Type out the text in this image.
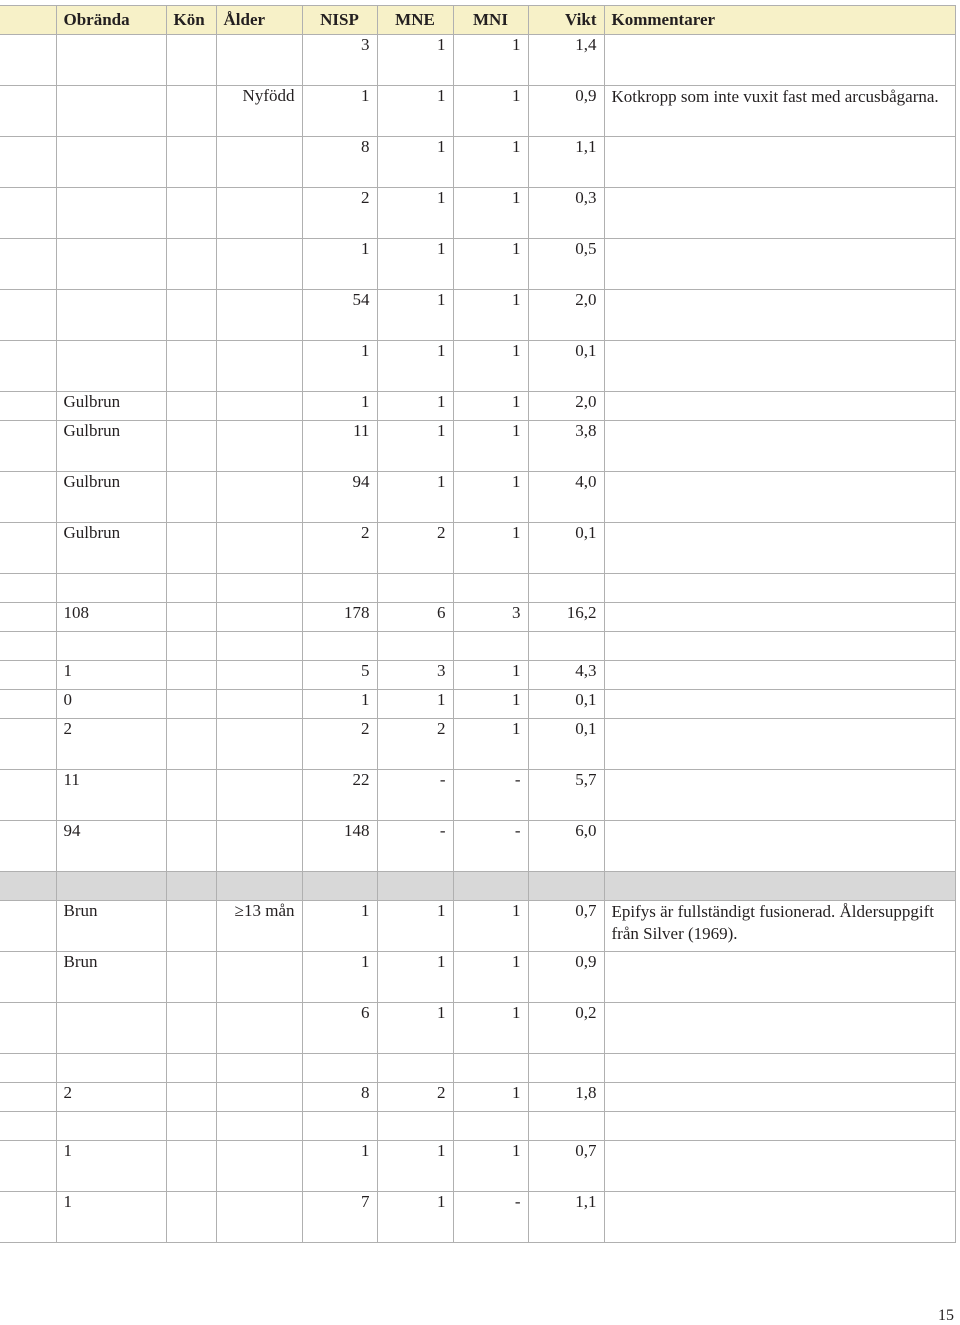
	Obrända	Kön	Ålder	NISP	MNE	MNI	Vikt	Kommentarer
				3	1	1	1,4	
			Nyfödd	1	1	1	0,9	Kotkropp som inte vuxit fast med arcusbågarna.
				8	1	1	1,1	
				2	1	1	0,3	
				1	1	1	0,5	
				54	1	1	2,0	
				1	1	1	0,1	
	Gulbrun			1	1	1	2,0	
	Gulbrun			11	1	1	3,8	
	Gulbrun			94	1	1	4,0	
	Gulbrun			2	2	1	0,1	

	108			178	6	3	16,2	

	1			5	3	1	4,3	
	0			1	1	1	0,1	
	2			2	2	1	0,1	
	11			22	-	-	5,7	
	94			148	-	-	6,0	

	Brun		≥13 mån	1	1	1	0,7	Epifys är fullständigt fusionerad. Åldersuppgift från Silver (1969).
	Brun			1	1	1	0,9	
				6	1	1	0,2	

	2			8	2	1	1,8	

	1			1	1	1	0,7	
	1			7	1	-	1,1	
15
